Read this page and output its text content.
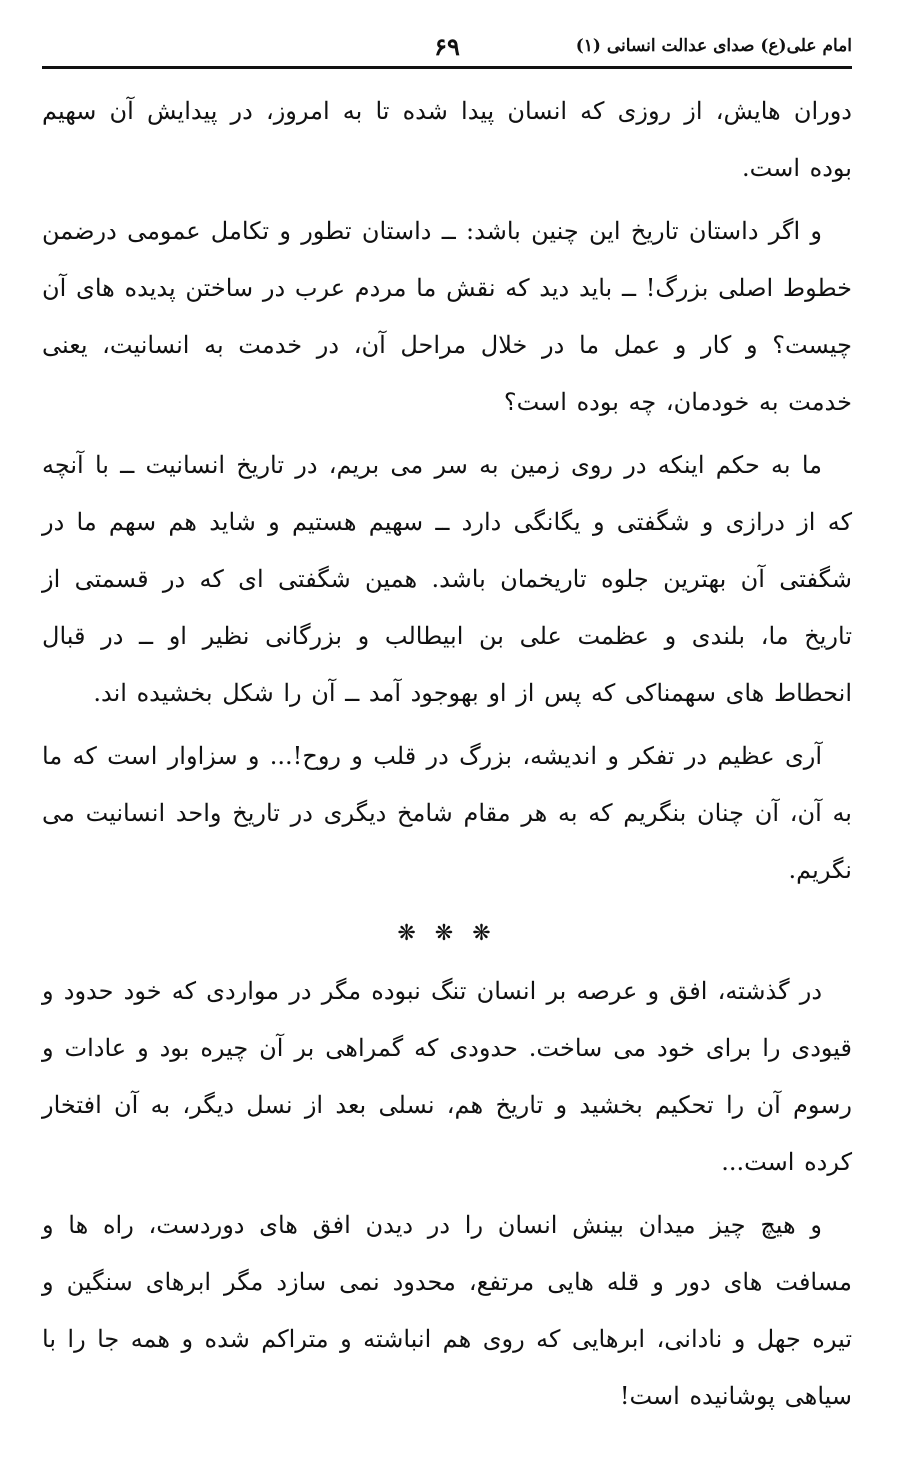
امام علی(ع) صدای عدالت انسانی (۱)
۶۹

دوران هایش، از روزی که انسان پیدا شده تا به امروز، در پیدایش آن سهیم بوده است.

و اگر داستان تاریخ این چنین باشد: ــ داستان تطور و تکامل عمومی درضمن خطوط اصلی بزرگ! ــ باید دید که نقش ما مردم عرب در ساختن پدیده های آن چیست؟ و کار و عمل ما در خلال مراحل آن، در خدمت به انسانیت، یعنی خدمت به خودمان، چه بوده است؟

ما به حکم اینکه در روی زمین به سر می بریم، در تاریخ انسانیت ــ با آنچه که از درازی و شگفتی و یگانگی دارد ــ سهیم هستیم و شاید هم سهم ما در شگفتی آن بهترین جلوه تاریخمان باشد. همین شگفتی ای که در قسمتی از تاریخ ما، بلندی و عظمت علی بن ابیطالب و بزرگانی نظیر او ــ در قبال انحطاط های سهمناکی که پس از او بهوجود آمد ــ آن را شکل بخشیده اند.

آری عظیم در تفکر و اندیشه، بزرگ در قلب و روح!... و سزاوار است که ما به آن، آن چنان بنگریم که به هر مقام شامخ دیگری در تاریخ واحد انسانیت می نگریم.

❋ ❋ ❋

در گذشته، افق و عرصه بر انسان تنگ نبوده مگر در مواردی که خود حدود و قیودی را برای خود می ساخت. حدودی که گمراهی بر آن چیره بود و عادات و رسوم آن را تحکیم بخشید و تاریخ هم، نسلی بعد از نسل دیگر، به آن افتخار کرده است...

و هیچ چیز میدان بینش انسان را در دیدن افق های دوردست، راه ها و مسافت های دور و قله هایی مرتفع، محدود نمی سازد مگر ابرهای سنگین و تیره جهل و نادانی، ابرهایی که روی هم انباشته و متراکم شده و همه جا را با سیاهی پوشانیده است!
